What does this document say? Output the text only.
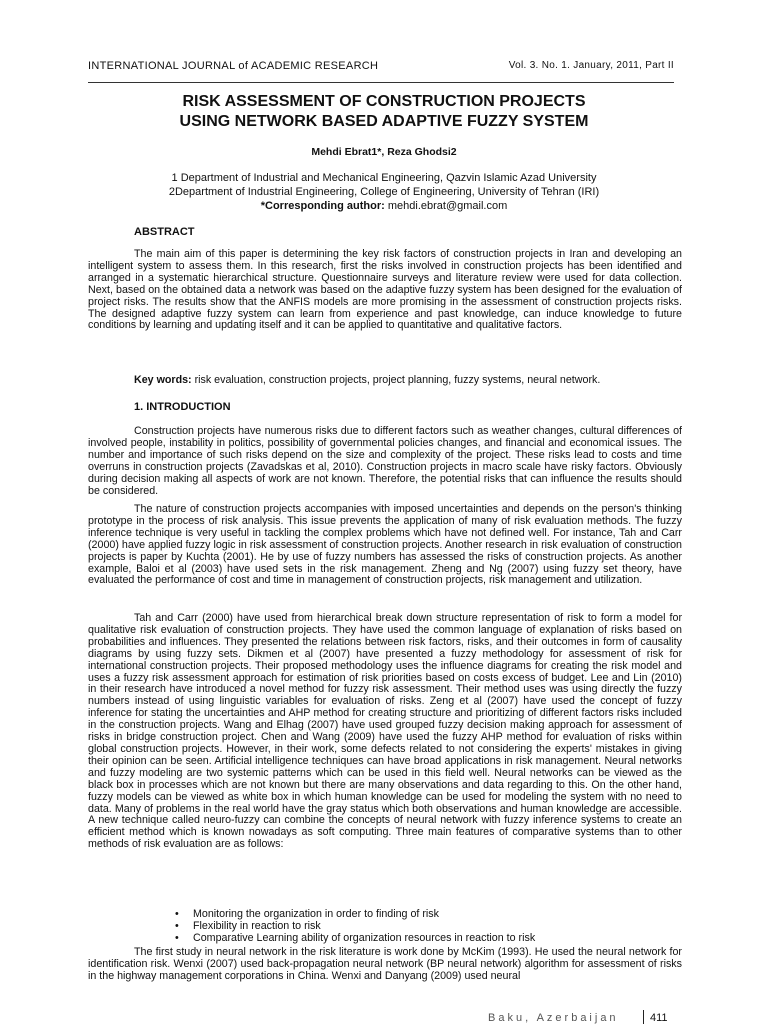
INTERNATIONAL JOURNAL of ACADEMIC RESEARCH	Vol. 3. No. 1. January, 2011, Part II
RISK ASSESSMENT OF CONSTRUCTION PROJECTS
USING NETWORK BASED ADAPTIVE FUZZY SYSTEM
Mehdi Ebrat1*, Reza Ghodsi2
1 Department of Industrial and Mechanical Engineering, Qazvin Islamic Azad University
2Department of Industrial Engineering, College of Engineering, University of Tehran (IRI)
*Corresponding author: mehdi.ebrat@gmail.com
ABSTRACT
The main aim of this paper is determining the key risk factors of construction projects in Iran and developing an intelligent system to assess them. In this research, first the risks involved in construction projects has been identified and arranged in a systematic hierarchical structure. Questionnaire surveys and literature review were used for data collection. Next, based on the obtained data a network was based on the adaptive fuzzy system has been designed for the evaluation of project risks. The results show that the ANFIS models are more promising in the assessment of construction projects risks. The designed adaptive fuzzy system can learn from experience and past knowledge, can induce knowledge to future conditions by learning and updating itself and it can be applied to quantitative and qualitative factors.
Key words: risk evaluation, construction projects, project planning, fuzzy systems, neural network.
1. INTRODUCTION
Construction projects have numerous risks due to different factors such as weather changes, cultural differences of involved people, instability in politics, possibility of governmental policies changes, and financial and economical issues. The number and importance of such risks depend on the size and complexity of the project. These risks lead to costs and time overruns in construction projects (Zavadskas et al, 2010). Construction projects in macro scale have risky factors. Obviously during decision making all aspects of work are not known. Therefore, the potential risks that can influence the results should be considered.
The nature of construction projects accompanies with imposed uncertainties and depends on the person's thinking prototype in the process of risk analysis. This issue prevents the application of many of risk evaluation methods. The fuzzy inference technique is very useful in tackling the complex problems which have not defined well. For instance, Tah and Carr (2000) have applied fuzzy logic in risk assessment of construction projects. Another research in risk evaluation of construction projects is paper by Kuchta (2001). He by use of fuzzy numbers has assessed the risks of construction projects. As another example, Baloi et al (2003) have used sets in the risk management. Zheng and Ng (2007) using fuzzy set theory, have evaluated the performance of cost and time in management of construction projects, risk management and utilization.
Tah and Carr (2000) have used from hierarchical break down structure representation of risk to form a model for qualitative risk evaluation of construction projects. They have used the common language of explanation of risks based on probabilities and influences. They presented the relations between risk factors, risks, and their outcomes in form of causality diagrams by using fuzzy sets. Dikmen et al (2007) have presented a fuzzy methodology for assessment of risk for international construction projects. Their proposed methodology uses the influence diagrams for creating the risk model and uses a fuzzy risk assessment approach for estimation of risk priorities based on costs excess of budget. Lee and Lin (2010) in their research have introduced a novel method for fuzzy risk assessment. Their method uses was using directly the fuzzy numbers instead of using linguistic variables for evaluation of risks. Zeng et al (2007) have used the concept of fuzzy inference for stating the uncertainties and AHP method for creating structure and prioritizing of different factors risks included in the construction projects. Wang and Elhag (2007) have used grouped fuzzy decision making approach for assessment of risks in bridge construction project. Chen and Wang (2009) have used the fuzzy AHP method for evaluation of risks within global construction projects. However, in their work, some defects related to not considering the experts' mistakes in giving their opinion can be seen. Artificial intelligence techniques can have broad applications in risk management. Neural networks and fuzzy modeling are two systemic patterns which can be used in this field well. Neural networks can be viewed as the black box in processes which are not known but there are many observations and data regarding to this. On the other hand, fuzzy models can be viewed as white box in which human knowledge can be used for modeling the system with no need to data. Many of problems in the real world have the gray status which both observations and human knowledge are accessible. A new technique called neuro-fuzzy can combine the concepts of neural network with fuzzy inference systems to create an efficient method which is known nowadays as soft computing. Three main features of comparative systems than to other methods of risk evaluation are as follows:
• Monitoring the organization in order to finding of risk
• Flexibility in reaction to risk
• Comparative Learning ability of organization resources in reaction to risk
The first study in neural network in the risk literature is work done by McKim (1993). He used the neural network for identification risk. Wenxi (2007) used back-propagation neural network (BP neural network) algorithm for assessment of risks in the highway management corporations in China. Wenxi and Danyang (2009) used neural
Baku, Azerbaijan	411
